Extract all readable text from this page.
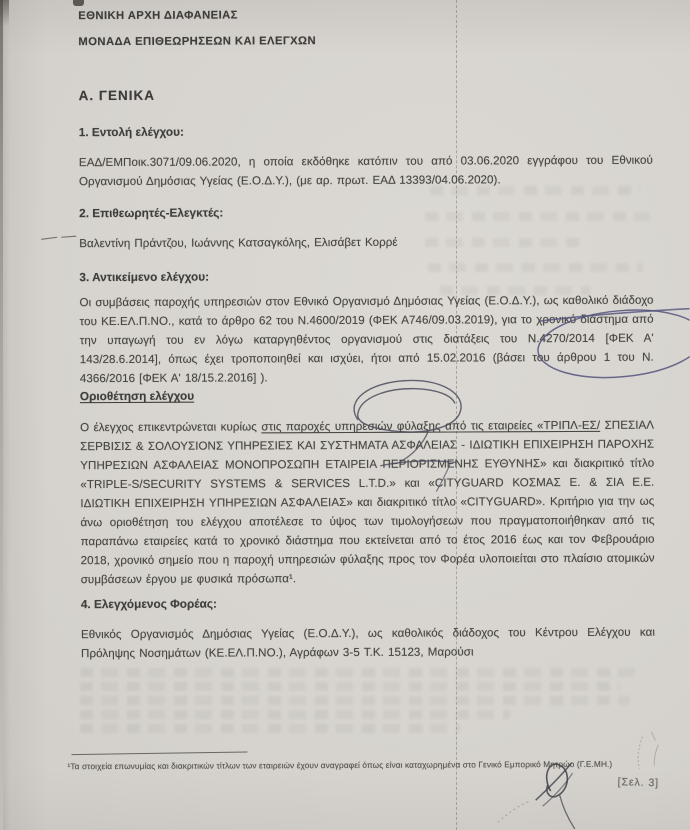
ΕΘΝΙΚΗ ΑΡΧΗ ΔΙΑΦΑΝΕΙΑΣ
ΜΟΝΑΔΑ ΕΠΙΘΕΩΡΗΣΕΩΝ ΚΑΙ ΕΛΕΓΧΩΝ
Α. ΓΕΝΙΚΑ
1. Εντολή ελέγχου:
ΕΑΔ/ΕΜΠοικ.3071/09.06.2020, η οποία εκδόθηκε κατόπιν του από 03.06.2020 εγγράφου του Εθνικού Οργανισμού Δημόσιας Υγείας (Ε.Ο.Δ.Υ.), (με αρ. πρωτ. ΕΑΔ 13393/04.06.2020).
2. Επιθεωρητές-Ελεγκτές:
Βαλεντίνη Πράντζου, Ιωάννης Κατσαγκόλης, Ελισάβετ Κορρέ
3. Αντικείμενο ελέγχου:
Οι συμβάσεις παροχής υπηρεσιών στον Εθνικό Οργανισμό Δημόσιας Υγείας (Ε.Ο.Δ.Υ.), ως καθολικό διάδοχο του ΚΕ.ΕΛ.Π.ΝΟ., κατά το άρθρο 62 του Ν.4600/2019 (ΦΕΚ Α746/09.03.2019), για το χρονικό διάστημα από την υπαγωγή του εν λόγω καταργηθέντος οργανισμού στις διατάξεις του Ν.4270/2014 [ΦΕΚ Α' 143/28.6.2014], όπως έχει τροποποιηθεί και ισχύει, ήτοι από 15.02.2016 (βάσει του άρθρου 1 του Ν. 4366/2016 [ΦΕΚ Α' 18/15.2.2016] ).
Οριοθέτηση ελέγχου
Ο έλεγχος επικεντρώνεται κυρίως στις παροχές υπηρεσιών φύλαξης από τις εταιρείες «ΤΡΙΠΛ-ΕΣ/ ΣΠΕΣΙΑΛ ΣΕΡΒΙΣΙΣ & ΣΟΛΟΥΣΙΟΝΣ ΥΠΗΡΕΣΙΕΣ ΚΑΙ ΣΥΣΤΗΜΑΤΑ ΑΣΦΑΛΕΙΑΣ - ΙΔΙΩΤΙΚΗ ΕΠΙΧΕΙΡΗΣΗ ΠΑΡΟΧΗΣ ΥΠΗΡΕΣΙΩΝ ΑΣΦΑΛΕΙΑΣ ΜΟΝΟΠΡΟΣΩΠΗ ΕΤΑΙΡΕΙΑ ΠΕΡΙΟΡΙΣΜΕΝΗΣ ΕΥΘΥΝΗΣ» και διακριτικό τίτλο «TRIPLE-S/SECURITY SYSTEMS & SERVICES L.T.D.» και «CITYGUARD ΚΟΣΜΑΣ Ε. & ΣΙΑ Ε.Ε. ΙΔΙΩΤΙΚΗ ΕΠΙΧΕΙΡΗΣΗ ΥΠΗΡΕΣΙΩΝ ΑΣΦΑΛΕΙΑΣ» και διακριτικό τίτλο «CITYGUARD». Κριτήριο για την ως άνω οριοθέτηση του ελέγχου αποτέλεσε το ύψος των τιμολογήσεων που πραγματοποιήθηκαν από τις παραπάνω εταιρείες κατά το χρονικό διάστημα που εκτείνεται από το έτος 2016 έως και τον Φεβρουάριο 2018, χρονικό σημείο που η παροχή υπηρεσιών φύλαξης προς τον Φορέα υλοποιείται στο πλαίσιο ατομικών συμβάσεων έργου με φυσικά πρόσωπα¹.
4. Ελεγχόμενος Φορέας:
Εθνικός Οργανισμός Δημόσιας Υγείας (Ε.Ο.Δ.Υ.), ως καθολικός διάδοχος του Κέντρου Ελέγχου και Πρόληψης Νοσημάτων (ΚΕ.ΕΛ.Π.ΝΟ.), Αγράφων 3-5 Τ.Κ. 15123, Μαρούσι
¹Τα στοιχεία επωνυμίας και διακριτικών τίτλων των εταιρειών έχουν αναγραφεί όπως είναι καταχωρημένα στο Γενικό Εμπορικό Μητρώο (Γ.Ε.ΜΗ.)
[Σελ. 3]
